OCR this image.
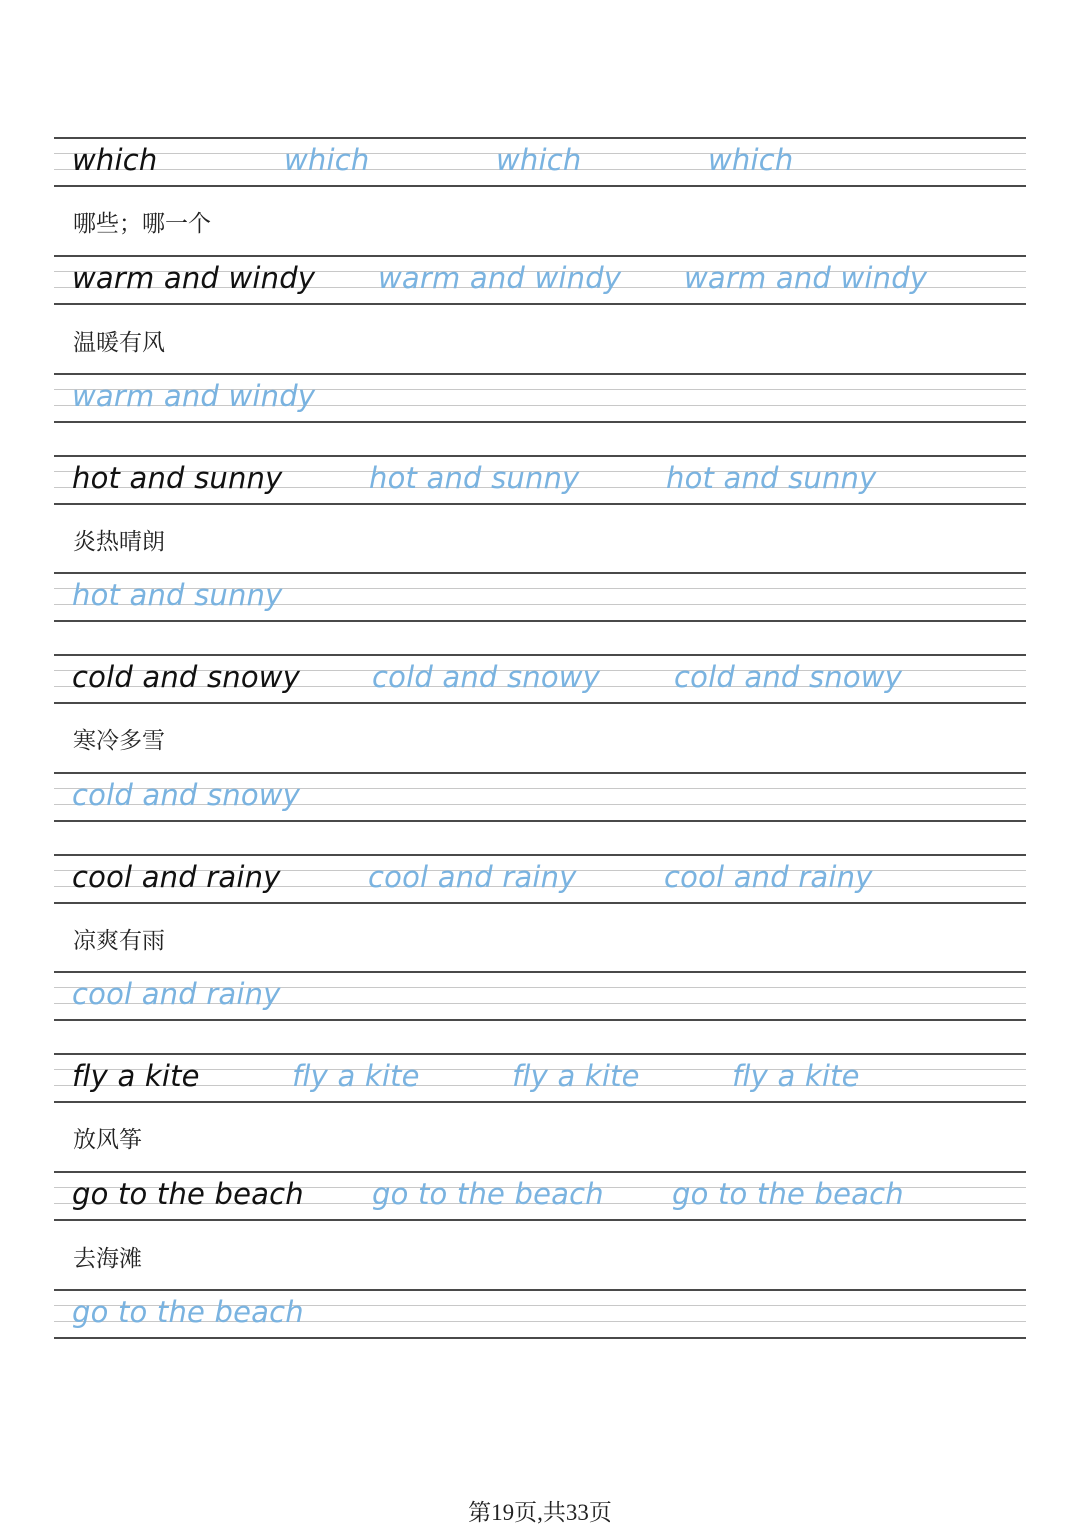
which	which	which	which
哪些；哪一个
warm and windy warm and windy warm and windy
温暖有风
warm and windy
hot and sunny	hot and sunny	hot and sunny
炎热晴朗
hot and sunny
cold and snowy cold and snowy	cold and snowy
寒冷多雪
cold and snowy
cool and rainy	cool and rainy	cool and rainy
凉爽有雨
cool and rainy
fly a kite	fly a kite	fly a kite	fly a kite
放风筝
go to the beach go to the beach go to the beach
去海滩
go to the beach
第19页,共33页
